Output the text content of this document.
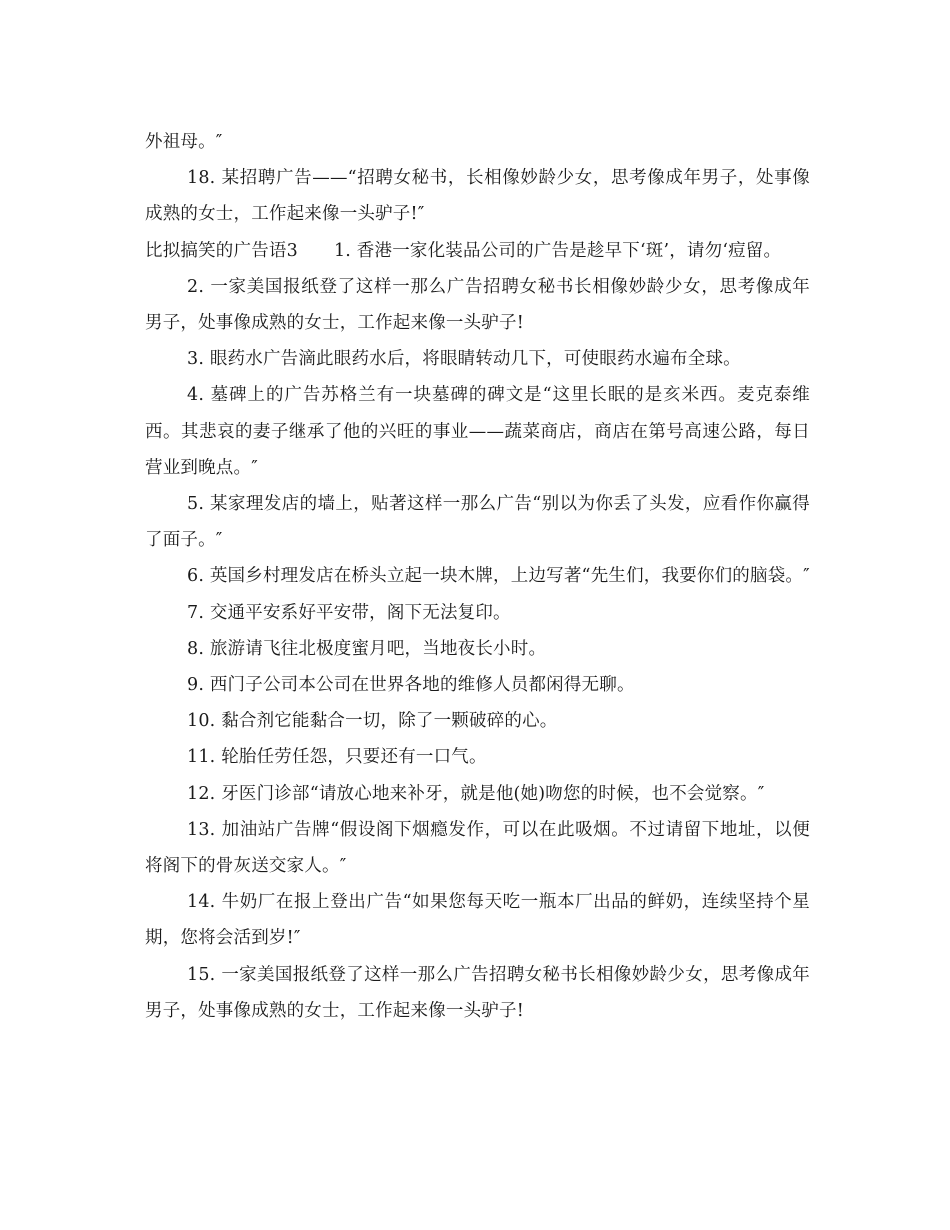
外祖母。″

18. 某招聘广告——“招聘女秘书，长相像妙龄少女，思考像成年男子，处事像成熟的女士，工作起来像一头驴子!″

比拟搞笑的广告语3 1. 香港一家化装品公司的广告是趁早下‘斑’，请勿‘痘留。

2. 一家美国报纸登了这样一那么广告招聘女秘书长相像妙龄少女，思考像成年男子，处事像成熟的女士，工作起来像一头驴子!

3. 眼药水广告滴此眼药水后，将眼睛转动几下，可使眼药水遍布全球。

4. 墓碑上的广告苏格兰有一块墓碑的碑文是“这里长眠的是亥米西。麦克泰维西。其悲哀的妻子继承了他的兴旺的事业——蔬菜商店，商店在第号高速公路，每日营业到晚点。″

5. 某家理发店的墙上，贴著这样一那么广告“别以为你丢了头发，应看作你赢得了面子。″

6. 英国乡村理发店在桥头立起一块木牌，上边写著“先生们，我要你们的脑袋。″

7. 交通平安系好平安带，阁下无法复印。

8. 旅游请飞往北极度蜜月吧，当地夜长小时。

9. 西门子公司本公司在世界各地的维修人员都闲得无聊。

10. 黏合剂它能黏合一切，除了一颗破碎的心。

11. 轮胎任劳任怨，只要还有一口气。

12. 牙医门诊部“请放心地来补牙，就是他(她)吻您的时候，也不会觉察。″

13. 加油站广告牌“假设阁下烟瘾发作，可以在此吸烟。不过请留下地址，以便将阁下的骨灰送交家人。″

14. 牛奶厂在报上登出广告“如果您每天吃一瓶本厂出品的鲜奶，连续坚持个星期，您将会活到岁!″

15. 一家美国报纸登了这样一那么广告招聘女秘书长相像妙龄少女，思考像成年男子，处事像成熟的女士，工作起来像一头驴子!
